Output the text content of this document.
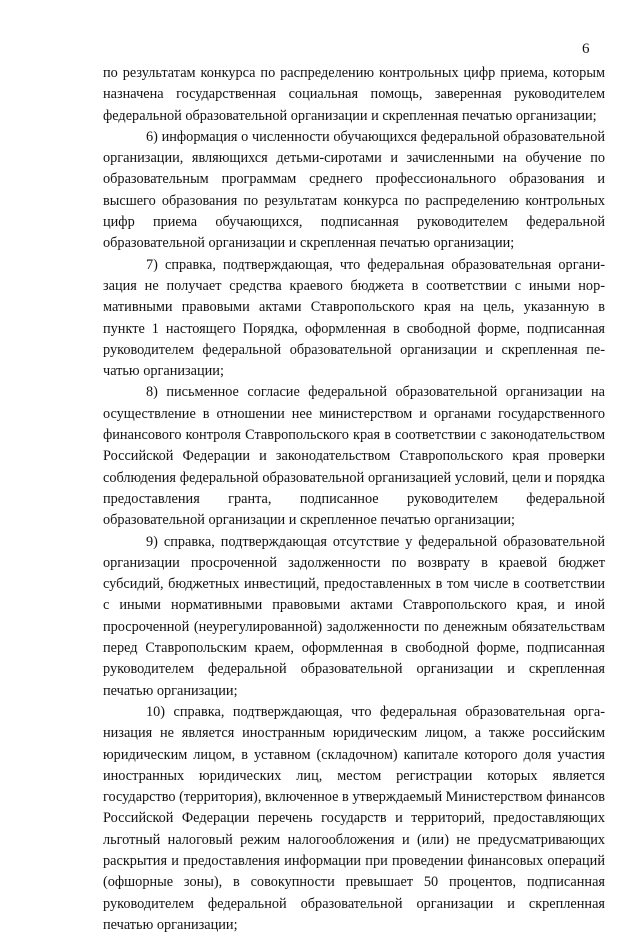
6

по результатам конкурса по распределению контрольных цифр приема, которым назначена государственная социальная помощь, заверенная руководителем федеральной образовательной организации и скрепленная печатью организации;

6) информация о численности обучающихся федеральной образовательной организации, являющихся детьми-сиротами и зачисленными на обучение по образовательным программам среднего профессионального образования и высшего образования по результатам конкурса по распределению контрольных цифр приема обучающихся, подписанная руководителем федеральной образовательной организации и скрепленная печатью организации;

7) справка, подтверждающая, что федеральная образовательная организация не получает средства краевого бюджета в соответствии с иными нормативными правовыми актами Ставропольского края на цель, указанную в пункте 1 настоящего Порядка, оформленная в свободной форме, подписанная руководителем федеральной образовательной организации и скрепленная печатью организации;

8) письменное согласие федеральной образовательной организации на осуществление в отношении нее министерством и органами государственного финансового контроля Ставропольского края в соответствии с законодательством Российской Федерации и законодательством Ставропольского края проверки соблюдения федеральной образовательной организацией условий, цели и порядка предоставления гранта, подписанное руководителем федеральной образовательной организации и скрепленное печатью организации;

9) справка, подтверждающая отсутствие у федеральной образовательной организации просроченной задолженности по возврату в краевой бюджет субсидий, бюджетных инвестиций, предоставленных в том числе в соответствии с иными нормативными правовыми актами Ставропольского края, и иной просроченной (неурегулированной) задолженности по денежным обязательствам перед Ставропольским краем, оформленная в свободной форме, подписанная руководителем федеральной образовательной организации и скрепленная печатью организации;

10) справка, подтверждающая, что федеральная образовательная организация не является иностранным юридическим лицом, а также российским юридическим лицом, в уставном (складочном) капитале которого доля участия иностранных юридических лиц, местом регистрации которых является государство (территория), включенное в утверждаемый Министерством финансов Российской Федерации перечень государств и территорий, предоставляющих льготный налоговый режим налогообложения и (или) не предусматривающих раскрытия и предоставления информации при проведении финансовых операций (офшорные зоны), в совокупности превышает 50 процентов, подписанная руководителем федеральной образовательной организации и скрепленная печатью организации;
